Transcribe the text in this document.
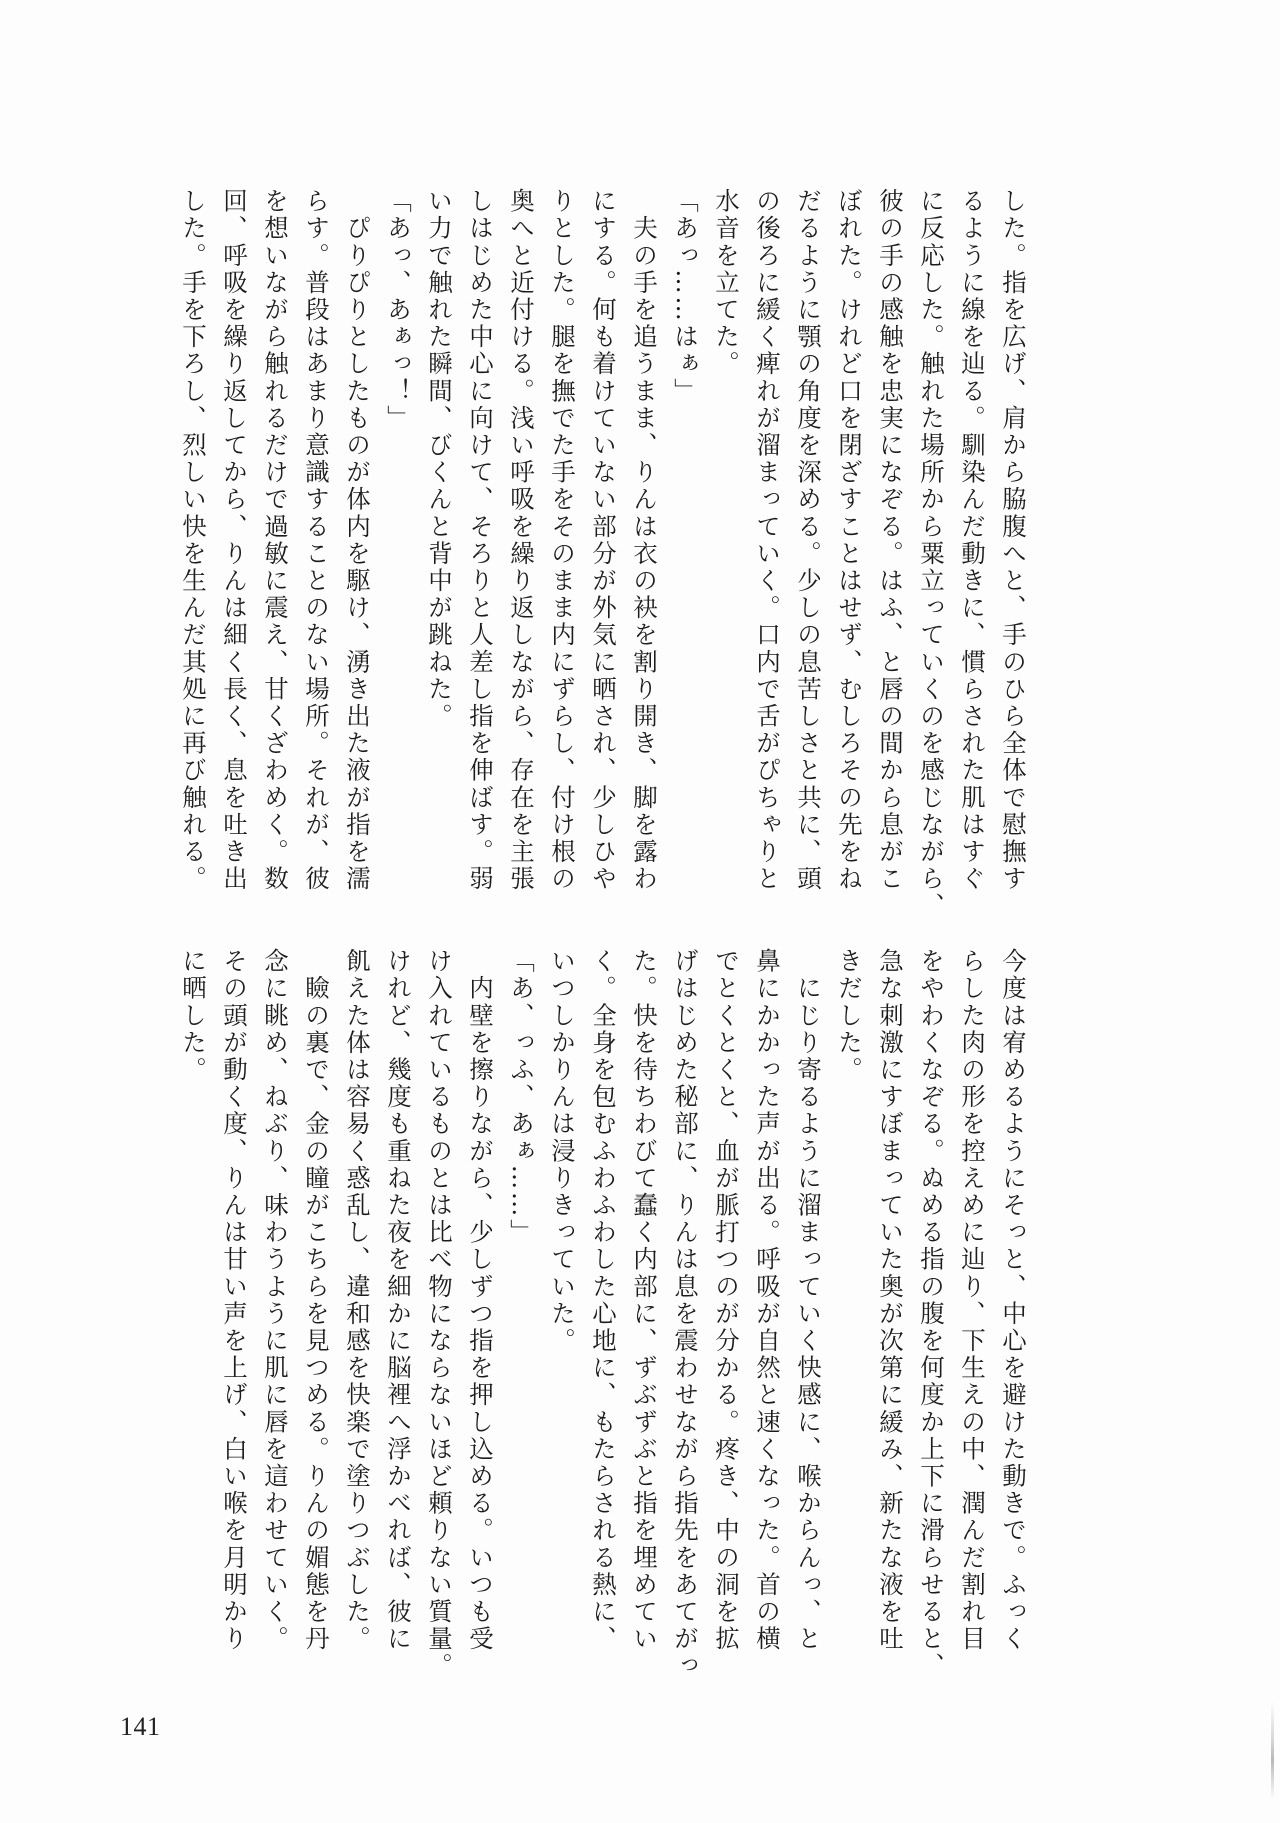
した。指を広げ、肩から脇腹へと、手のひら全体で慰撫す
るように線を辿る。馴染んだ動きに、慣らされた肌はすぐ
に反応した。触れた場所から粟立っていくのを感じながら、
彼の手の感触を忠実になぞる。はふ、と唇の間から息がこ
ぼれた。けれど口を閉ざすことはせず、むしろその先をね
だるように顎の角度を深める。少しの息苦しさと共に、頭
の後ろに緩く痺れが溜まっていく。口内で舌がぴちゃりと
水音を立てた。
「あっ……はぁ」
　夫の手を追うまま、りんは衣の袂を割り開き、脚を露わ
にする。何も着けていない部分が外気に晒され、少しひや
りとした。腿を撫でた手をそのまま内にずらし、付け根の
奥へと近付ける。浅い呼吸を繰り返しながら、存在を主張
しはじめた中心に向けて、そろりと人差し指を伸ばす。弱
い力で触れた瞬間、びくんと背中が跳ねた。
「あっ、あぁっ！」
　ぴりぴりとしたものが体内を駆け、湧き出た液が指を濡
らす。普段はあまり意識することのない場所。それが、彼
を想いながら触れるだけで過敏に震え、甘くざわめく。数
回、呼吸を繰り返してから、りんは細く長く、息を吐き出
した。手を下ろし、烈しい快を生んだ其処に再び触れる。
今度は宥めるようにそっと、中心を避けた動きで。ふっく
らした肉の形を控えめに辿り、下生えの中、潤んだ割れ目
をやわくなぞる。ぬめる指の腹を何度か上下に滑らせると、
急な刺激にすぼまっていた奥が次第に緩み、新たな液を吐
きだした。
　にじり寄るように溜まっていく快感に、喉からんっ、と
鼻にかかった声が出る。呼吸が自然と速くなった。首の横
でとくとくと、血が脈打つのが分かる。疼き、中の洞を拡
げはじめた秘部に、りんは息を震わせながら指先をあてがっ
た。快を待ちわびて蠢く内部に、ずぶずぶと指を埋めてい
く。全身を包むふわふわした心地に、もたらされる熱に、
いつしかりんは浸りきっていた。
「あ、っふ、あぁ……」
　内壁を擦りながら、少しずつ指を押し込める。いつも受
け入れているものとは比べ物にならないほど頼りない質量。
けれど、幾度も重ねた夜を細かに脳裡へ浮かべれば、彼に
飢えた体は容易く惑乱し、違和感を快楽で塗りつぶした。
　瞼の裏で、金の瞳がこちらを見つめる。りんの媚態を丹
念に眺め、ねぶり、味わうように肌に唇を這わせていく。
その頭が動く度、りんは甘い声を上げ、白い喉を月明かり
に晒した。
141
